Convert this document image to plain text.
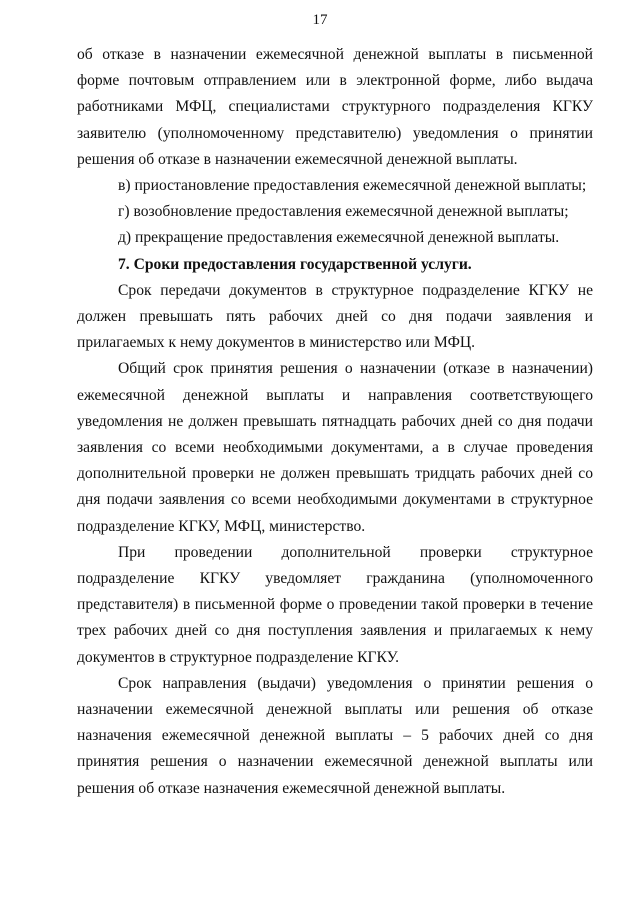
17

об отказе в назначении ежемесячной денежной выплаты в письменной форме почтовым отправлением или в электронной форме, либо выдача работниками МФЦ, специалистами структурного подразделения КГКУ заявителю (уполномоченному представителю) уведомления о принятии решения об отказе в назначении ежемесячной денежной выплаты.

в) приостановление предоставления ежемесячной денежной выплаты;

г) возобновление предоставления ежемесячной денежной выплаты;

д) прекращение предоставления ежемесячной денежной выплаты.

7. Сроки предоставления государственной услуги.

Срок передачи документов в структурное подразделение КГКУ не должен превышать пять рабочих дней со дня подачи заявления и прилагаемых к нему документов в министерство или МФЦ.

Общий срок принятия решения о назначении (отказе в назначении) ежемесячной денежной выплаты и направления соответствующего уведомления не должен превышать пятнадцать рабочих дней со дня подачи заявления со всеми необходимыми документами, а в случае проведения дополнительной проверки не должен превышать тридцать рабочих дней со дня подачи заявления со всеми необходимыми документами в структурное подразделение КГКУ, МФЦ, министерство.

При проведении дополнительной проверки структурное подразделение КГКУ уведомляет гражданина (уполномоченного представителя) в письменной форме о проведении такой проверки в течение трех рабочих дней со дня поступления заявления и прилагаемых к нему документов в структурное подразделение КГКУ.

Срок направления (выдачи) уведомления о принятии решения о назначении ежемесячной денежной выплаты или решения об отказе назначения ежемесячной денежной выплаты – 5 рабочих дней со дня принятия решения о назначении ежемесячной денежной выплаты или решения об отказе назначения ежемесячной денежной выплаты.
